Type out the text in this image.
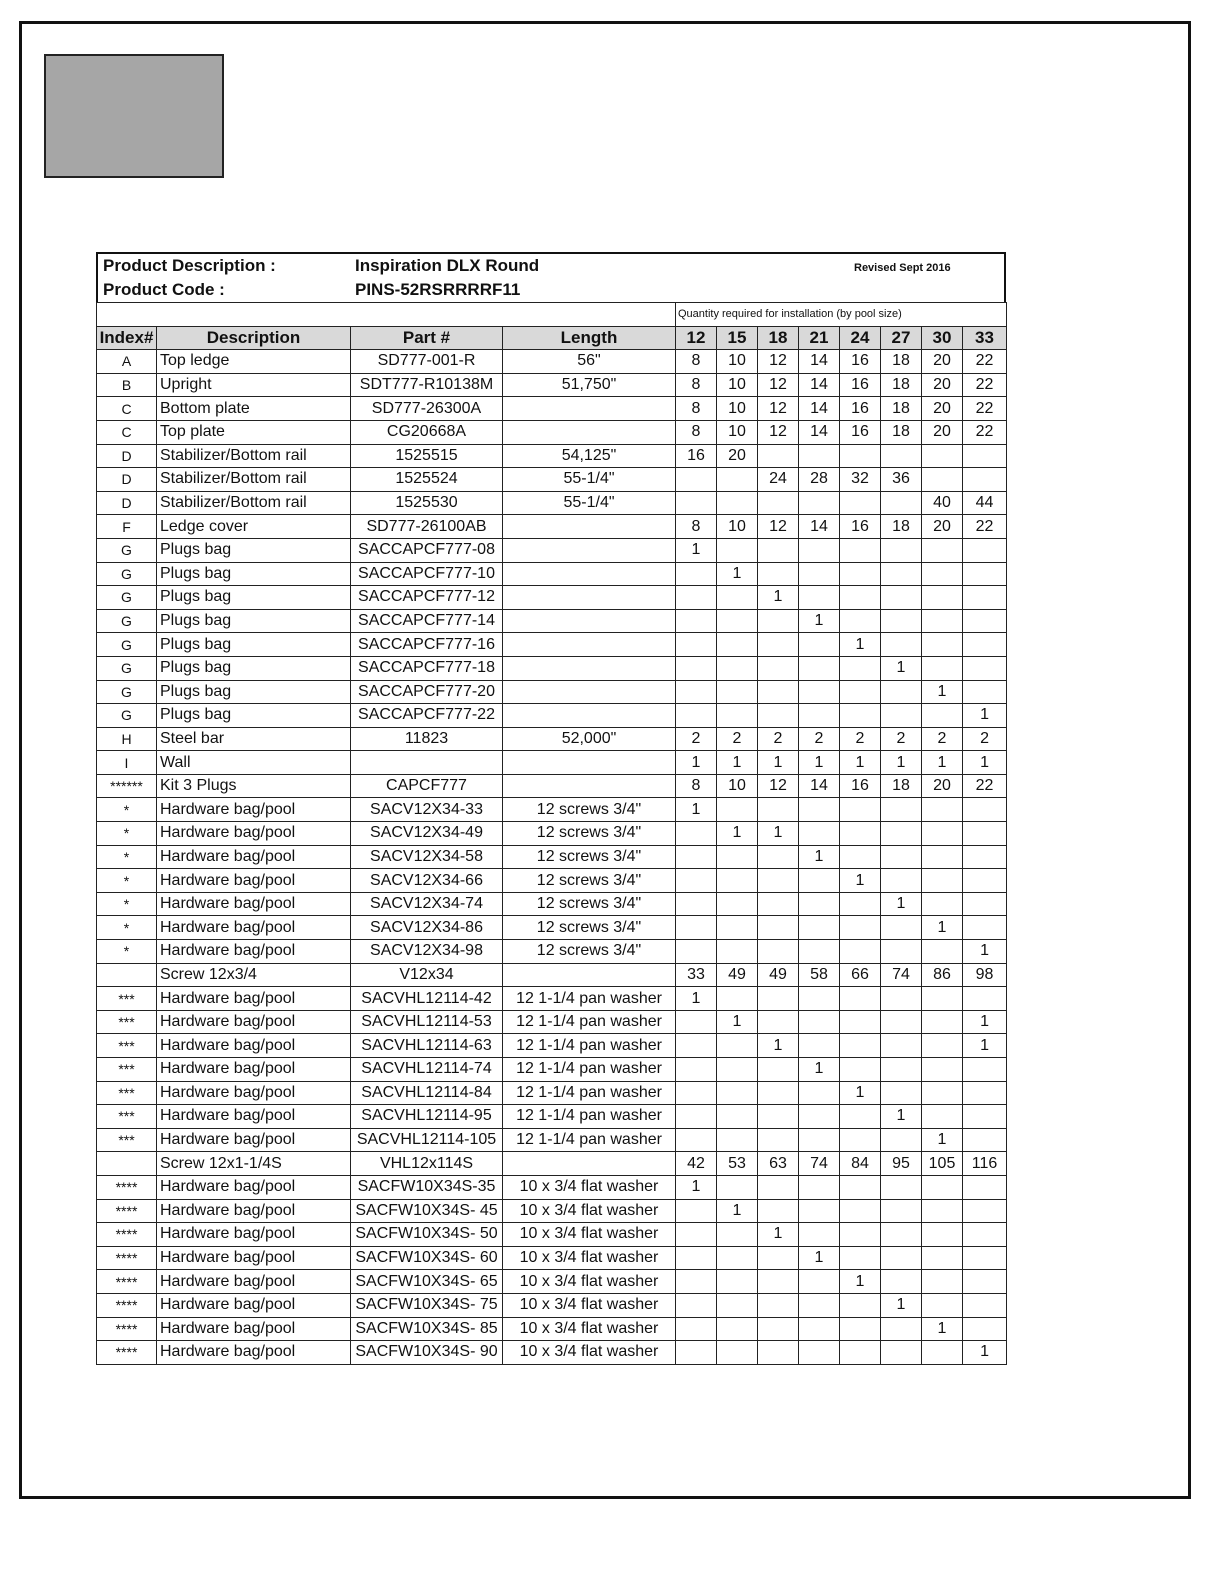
Product Description :	Inspiration DLX Round
Product Code :	PINS-52RSRRRRF11
Revised Sept 2016
				Quantity required for installation (by pool size)							
Index#	Description	Part #	Length	12	15	18	21	24	27	30	33
A	Top ledge	SD777-001-R	56"	8	10	12	14	16	18	20	22
B	Upright	SDT777-R10138M	51,750"	8	10	12	14	16	18	20	22
C	Bottom plate	SD777-26300A		8	10	12	14	16	18	20	22
C	Top plate	CG20668A		8	10	12	14	16	18	20	22
D	Stabilizer/Bottom rail	1525515	54,125"	16	20						
D	Stabilizer/Bottom rail	1525524	55-1/4"			24	28	32	36		
D	Stabilizer/Bottom rail	1525530	55-1/4"							40	44
F	Ledge cover	SD777-26100AB		8	10	12	14	16	18	20	22
G	Plugs bag	SACCAPCF777-08		1							
G	Plugs bag	SACCAPCF777-10			1						
G	Plugs bag	SACCAPCF777-12				1					
G	Plugs bag	SACCAPCF777-14					1				
G	Plugs bag	SACCAPCF777-16						1			
G	Plugs bag	SACCAPCF777-18							1		
G	Plugs bag	SACCAPCF777-20								1	
G	Plugs bag	SACCAPCF777-22									1
H	Steel bar	11823	52,000"	2	2	2	2	2	2	2	2
I	Wall			1	1	1	1	1	1	1	1
******	Kit 3 Plugs	CAPCF777		8	10	12	14	16	18	20	22
*	Hardware bag/pool	SACV12X34-33	12 screws 3/4"	1							
*	Hardware bag/pool	SACV12X34-49	12 screws 3/4"		1	1					
*	Hardware bag/pool	SACV12X34-58	12 screws 3/4"				1				
*	Hardware bag/pool	SACV12X34-66	12 screws 3/4"					1			
*	Hardware bag/pool	SACV12X34-74	12 screws 3/4"						1		
*	Hardware bag/pool	SACV12X34-86	12 screws 3/4"							1	
*	Hardware bag/pool	SACV12X34-98	12 screws 3/4"								1
	Screw 12x3/4	V12x34		33	49	49	58	66	74	86	98
***	Hardware bag/pool	SACVHL12114-42	12 1-1/4 pan washer	1							
***	Hardware bag/pool	SACVHL12114-53	12 1-1/4 pan washer		1						1
***	Hardware bag/pool	SACVHL12114-63	12 1-1/4 pan washer			1					1
***	Hardware bag/pool	SACVHL12114-74	12 1-1/4 pan washer				1				
***	Hardware bag/pool	SACVHL12114-84	12 1-1/4 pan washer					1			
***	Hardware bag/pool	SACVHL12114-95	12 1-1/4 pan washer						1		
***	Hardware bag/pool	SACVHL12114-105	12 1-1/4 pan washer							1	
	Screw 12x1-1/4S	VHL12x114S		42	53	63	74	84	95	105	116
****	Hardware bag/pool	SACFW10X34S-35	10 x 3/4 flat washer	1							
****	Hardware bag/pool	SACFW10X34S- 45	10 x 3/4 flat washer		1						
****	Hardware bag/pool	SACFW10X34S- 50	10 x 3/4 flat washer			1					
****	Hardware bag/pool	SACFW10X34S- 60	10 x 3/4 flat washer				1				
****	Hardware bag/pool	SACFW10X34S- 65	10 x 3/4 flat washer					1			
****	Hardware bag/pool	SACFW10X34S- 75	10 x 3/4 flat washer						1		
****	Hardware bag/pool	SACFW10X34S- 85	10 x 3/4 flat washer							1	
****	Hardware bag/pool	SACFW10X34S- 90	10 x 3/4 flat washer								1
